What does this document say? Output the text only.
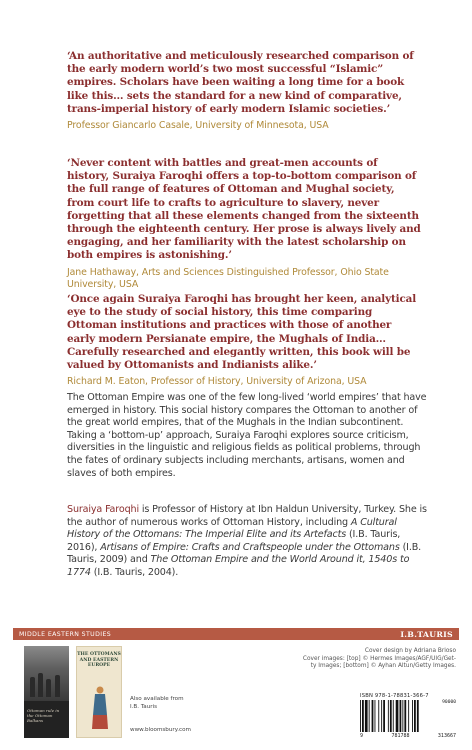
‘An authoritative and meticulously researched comparison of the early modern world’s two most successful “Islamic” empires. Scholars have been waiting a long time for a book like this… sets the standard for a new kind of comparative, trans-imperial history of early modern Islamic societies.’

Professor Giancarlo Casale, University of Minnesota, USA

‘Never content with battles and great-men accounts of history, Suraiya Faroqhi offers a top-to-bottom comparison of the full range of features of Ottoman and Mughal society, from court life to crafts to agriculture to slavery, never forgetting that all these elements changed from the sixteenth through the eighteenth century. Her prose is always lively and engaging, and her familiarity with the latest scholarship on both empires is astonishing.’

Jane Hathaway, Arts and Sciences Distinguished Professor, Ohio State University, USA

‘Once again Suraiya Faroqhi has brought her keen, analytical eye to the study of social history, this time comparing Ottoman institutions and practices with those of another early modern Persianate empire, the Mughals of India… Carefully researched and elegantly written, this book will be valued by Ottomanists and Indianists alike.’

Richard M. Eaton, Professor of History, University of Arizona, USA

The Ottoman Empire was one of the few long-lived ‘world empires’ that have emerged in history. This social history compares the Ottoman to another of the great world empires, that of the Mughals in the Indian subcontinent. Taking a ‘bottom-up’ approach, Suraiya Faroqhi explores source criticism, diversities in the linguistic and religious fields as political problems, through the fates of ordinary subjects including merchants, artisans, women and slaves of both empires.

Suraiya Faroqhi is Professor of History at Ibn Haldun University, Turkey. She is the author of numerous works of Ottoman History, including A Cultural History of the Ottomans: The Imperial Elite and its Artefacts (I.B. Tauris, 2016), Artisans of Empire: Crafts and Craftspeople under the Ottomans (I.B. Tauris, 2009) and The Ottoman Empire and the World Around it, 1540s to 1774 (I.B. Tauris, 2004).

MIDDLE EASTERN STUDIES	I.B.TAURIS
Ottoman rule in the Ottoman Balkans
THE OTTOMANS AND EASTERN EUROPE
Also available from
I.B. Tauris
www.bloomsbury.com
Cover design by Adriana Brioso
Cover images: [top] © Hermes Images/AGF/UIG/Get-
ty Images; [bottom] © Ayhan Altun/Getty Images.
ISBN 978-1-78831-366-7
90000
9	781788	313667
